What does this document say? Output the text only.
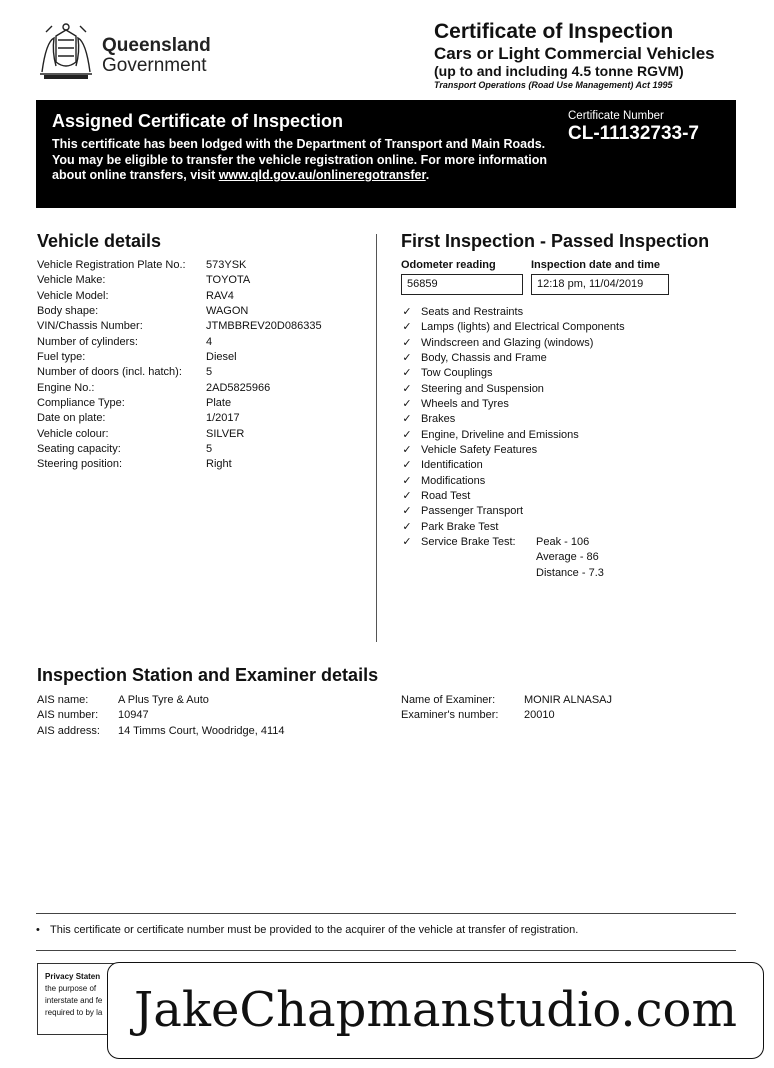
Queensland
Government
Certificate of Inspection
Cars or Light Commercial Vehicles
(up to and including 4.5 tonne RGVM)
Transport Operations (Road Use Management) Act 1995
Assigned Certificate of Inspection
This certificate has been lodged with the Department of Transport and Main Roads. You may be eligible to transfer the vehicle registration online. For more information about online transfers, visit www.qld.gov.au/onlineregotransfer.
Certificate Number
CL-11132733-7
Vehicle details
Vehicle Registration Plate No.: 573YSK
Vehicle Make:	TOYOTA
Vehicle Model:	RAV4
Body shape:	WAGON
VIN/Chassis Number:	JTMBBREV20D086335
Number of cylinders:	4
Fuel type:	Diesel
Number of doors (incl. hatch): 5
Engine No.:	2AD5825966
Compliance Type:	Plate
Date on plate:	1/2017
Vehicle colour:	SILVER
Seating capacity:	5
Steering position:	Right
First Inspection - Passed Inspection
Odometer reading	Inspection date and time
56859	12:18 pm, 11/04/2019
✓ Seats and Restraints
✓ Lamps (lights) and Electrical Components
✓ Windscreen and Glazing (windows)
✓ Body, Chassis and Frame
✓ Tow Couplings
✓ Steering and Suspension
✓ Wheels and Tyres
✓ Brakes
✓ Engine, Driveline and Emissions
✓ Vehicle Safety Features
✓ Identification
✓ Modifications
✓ Road Test
✓ Passenger Transport
✓ Park Brake Test
✓ Service Brake Test: Peak - 106
Average - 86
Distance - 7.3
Inspection Station and Examiner details
AIS name:	A Plus Tyre & Auto
AIS number: 10947
AIS address: 14 Timms Court, Woodridge, 4114
Name of Examiner:	MONIR ALNASAJ
Examiner's number: 20010
• This certificate or certificate number must be provided to the acquirer of the vehicle at transfer of registration.
Privacy Staten
the purpose of
interstate and fe
required to by la JakeChapmanstudio.com
